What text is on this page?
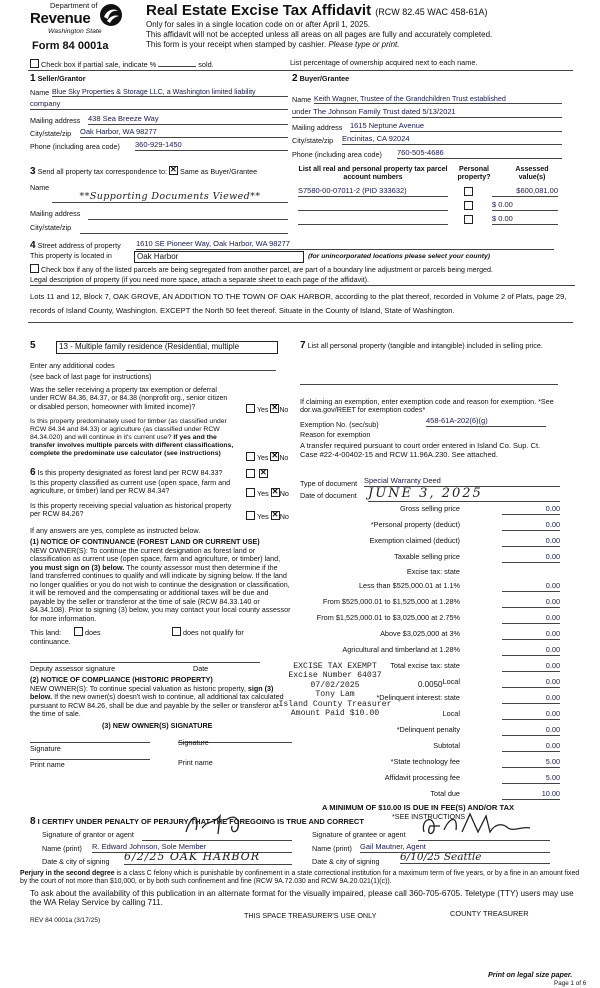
Department of
Revenue
Washington State
Form 84 0001a
Real Estate Excise Tax Affidavit (RCW 82.45 WAC 458-61A)
Only for sales in a single location code on or after April 1, 2025.
This affidavit will not be accepted unless all areas on all pages are fully and accurately completed.
This form is your receipt when stamped by cashier. Please type or print.
Check box if partial sale, indicate %	sold.	List percentage of ownership acquired next to each name.
1 Seller/Grantor
Name Blue Sky Properties & Storage LLC, a Washington limited liability
company
Mailing address 438 Sea Breeze Way
City/state/zip Oak Harbor, WA 98277
Phone (including area code) 360-929-1450
2 Buyer/Grantee
Name Keith Wagner, Trustee of the Grandchildren Trust established
under The Johnson Family Trust dated 5/13/2021
Mailing address 1615 Neptune Avenue
City/state/zip Encinitas, CA 92024
Phone (including area code) 760-505-4686
3 Send all property tax correspondence to: ✕ Same as Buyer/Grantee
Name
**Supporting Documents Viewed**
Mailing address
City/state/zip
List all real and personal property tax parcel account numbers
Personal property?
Assessed value(s)
S7580-00-07011-2 (PID 333632)	$600,081.00
$ 0.00
$ 0.00
4 Street address of property 1610 SE Pioneer Way, Oak Harbor, WA 98277
This property is located in	Oak Harbor	(for unincorporated locations please select your county)
Check box if any of the listed parcels are being segregated from another parcel, are part of a boundary line adjustment or parcels being merged.
Legal description of property (if you need more space, attach a separate sheet to each page of the affidavit).
Lots 11 and 12, Block 7, OAK GROVE, AN ADDITION TO THE TOWN OF OAK HARBOR, according to the plat thereof, recorded in Volume 2 of Plats, page 29, records of Island County, Washington. EXCEPT the North 50 feet thereof. Situate in the County of Island, State of Washington.
5	13 - Multiple family residence (Residential, multiple
Enter any additional codes
(see back of last page for instructions)
Was the seller receiving a property tax exemption or deferral under RCW 84.36, 84.37, or 84.38 (nonprofit org., senior citizen or disabled person, homeowner with limited income)?	Yes ✕ No
Is this property predominately used for timber (as classified under RCW 84.34 and 84.33) or agriculture (as classified under RCW 84.34.020) and will continue in it's current use? If yes and the transfer involves multiple parcels with different classifications, complete the predominate use calculator (see instructions)
Yes ✕ No
6 Is this property designated as forest land per RCW 84.33?
✕
Is this property classified as current use (open space, farm and agriculture, or timber) land per RCW 84.34?	Yes ✕ No
Is this property receiving special valuation as historical property per RCW 84.26?	Yes ✕ No
If any answers are yes, complete as instructed below.
(1) NOTICE OF CONTINUANCE (FOREST LAND OR CURRENT USE)
NEW OWNER(S): To continue the current designation as forest land or classification as current use (open space, farm and agriculture, or timber) land, you must sign on (3) below. The county assessor must then determine if the land transferred continues to qualify and will indicate by signing below. If the land no longer qualifies or you do not wish to continue the designation or classification, it will be removed and the compensating or additional taxes will be due and payable by the seller or transferor at the time of sale (RCW 84.33.140 or 84.34.108). Prior to signing (3) below, you may contact your local county assessor for more information.
This land:	does	does not qualify for
continuance.
Deputy assessor signature	Date
(2) NOTICE OF COMPLIANCE (HISTORIC PROPERTY)
NEW OWNER(S): To continue special valuation as historic property, sign (3) below. If the new owner(s) doesn't wish to continue, all additional tax calculated pursuant to RCW 84.26, shall be due and payable by the seller or transferor at the time of sale.
(3) NEW OWNER(S) SIGNATURE
Signature
Signature
Print name	Print name
7 List all personal property (tangible and intangible) included in selling price.
If claiming an exemption, enter exemption code and reason for exemption. *See dor.wa.gov/REET for exemption codes*
Exemption No. (sec/sub)	458-61A-202(6)(g)
Reason for exemption
A transfer required pursuant to court order entered in Island Co. Sup. Ct. Case #22-4-00402-15 and RCW 11.96A.230. See attached.
Type of document Special Warranty Deed
Date of document JUNE 3, 2025
Gross selling price	0.00
*Personal property (deduct)	0.00
Exemption claimed (deduct)	0.00
Taxable selling price	0.00
Excise tax: state
Less than $525,000.01 at 1.1%	0.00
From $525,000.01 to $1,525,000 at 1.28%	0.00
From $1,525,000.01 to $3,025,000 at 2.75%	0.00
Above $3,025,000 at 3%	0.00
Agricultural and timberland at 1.28%	0.00
Total excise tax: state	0.00
0.0050 Local	0.00
*Delinquent interest: state	0.00
Local	0.00
*Delinquent penalty	0.00
Subtotal	0.00
*State technology fee	5.00
Affidavit processing fee	5.00
Total due	10.00
A MINIMUM OF $10.00 IS DUE IN FEE(S) AND/OR TAX
*SEE INSTRUCTIONS
EXCISE TAX EXEMPT
Excise Number 64037
07/02/2025
Tony Lam
Island County Treasurer
Amount Paid $10.00
8 I CERTIFY UNDER PENALTY OF PERJURY THAT THE FOREGOING IS TRUE AND CORRECT
Signature of grantor or agent
Name (print) R. Edward Johnson, Sole Member
Date & city of signing 6/2/25 OAK HARBOR
Signature of grantee or agent
Name (print) Gail Mautner, Agent
Date & city of signing 6/10/25 Seattle
Perjury in the second degree is a class C felony which is punishable by confinement in a state correctional institution for a maximum term of five years, or by a fine in an amount fixed by the court of not more than $10,000, or by both such confinement and fine (RCW 9A.72.030 and RCW 9A.20.021(1)(c)).
To ask about the availability of this publication in an alternate format for the visually impaired, please call 360-705-6705. Teletype (TTY) users may use the WA Relay Service by calling 711.
REV 84 0001a (3/17/25)
THIS SPACE TREASURER'S USE ONLY	COUNTY TREASURER
Print on legal size paper.
Page 1 of 6
